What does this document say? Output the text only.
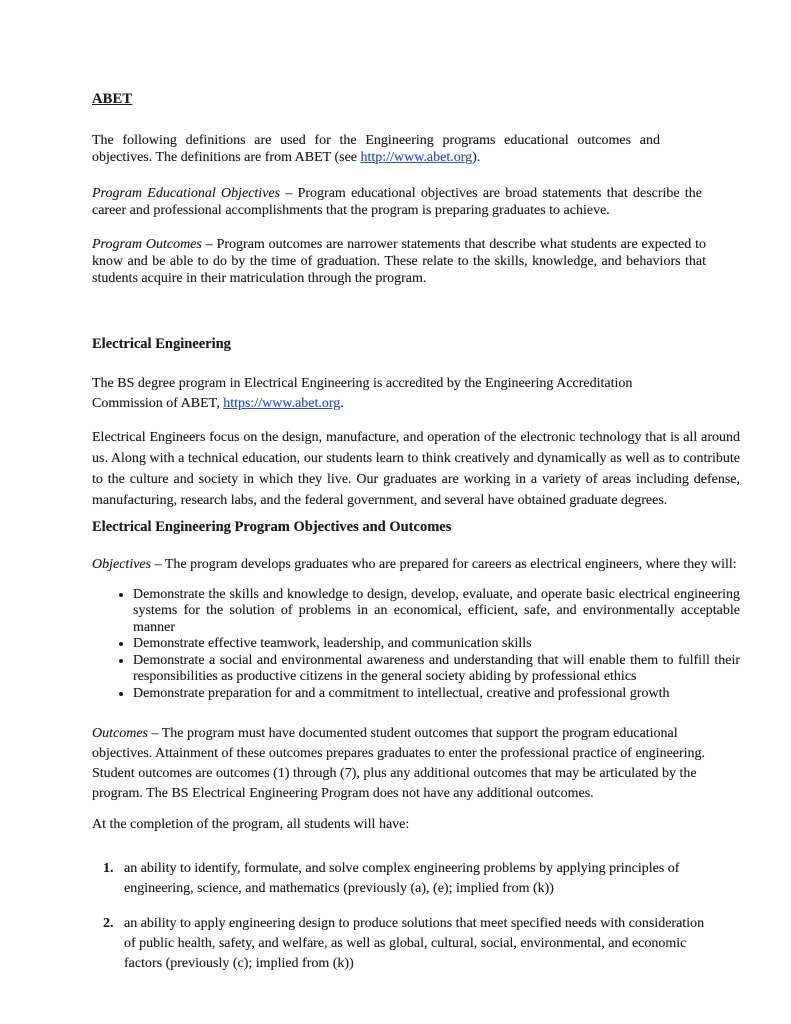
ABET

The following definitions are used for the Engineering programs educational outcomes and objectives. The definitions are from ABET (see http://www.abet.org).

Program Educational Objectives – Program educational objectives are broad statements that describe the career and professional accomplishments that the program is preparing graduates to achieve.

Program Outcomes – Program outcomes are narrower statements that describe what students are expected to know and be able to do by the time of graduation. These relate to the skills, knowledge, and behaviors that students acquire in their matriculation through the program.

Electrical Engineering

The BS degree program in Electrical Engineering is accredited by the Engineering Accreditation Commission of ABET, https://www.abet.org.

Electrical Engineers focus on the design, manufacture, and operation of the electronic technology that is all around us. Along with a technical education, our students learn to think creatively and dynamically as well as to contribute to the culture and society in which they live. Our graduates are working in a variety of areas including defense, manufacturing, research labs, and the federal government, and several have obtained graduate degrees.

Electrical Engineering Program Objectives and Outcomes

Objectives – The program develops graduates who are prepared for careers as electrical engineers, where they will:

• Demonstrate the skills and knowledge to design, develop, evaluate, and operate basic electrical engineering systems for the solution of problems in an economical, efficient, safe, and environmentally acceptable manner
• Demonstrate effective teamwork, leadership, and communication skills
• Demonstrate a social and environmental awareness and understanding that will enable them to fulfill their responsibilities as productive citizens in the general society abiding by professional ethics
• Demonstrate preparation for and a commitment to intellectual, creative and professional growth

Outcomes – The program must have documented student outcomes that support the program educational objectives. Attainment of these outcomes prepares graduates to enter the professional practice of engineering. Student outcomes are outcomes (1) through (7), plus any additional outcomes that may be articulated by the program. The BS Electrical Engineering Program does not have any additional outcomes.

At the completion of the program, all students will have:

1. an ability to identify, formulate, and solve complex engineering problems by applying principles of engineering, science, and mathematics (previously (a), (e); implied from (k))
2. an ability to apply engineering design to produce solutions that meet specified needs with consideration of public health, safety, and welfare, as well as global, cultural, social, environmental, and economic factors (previously (c); implied from (k))
